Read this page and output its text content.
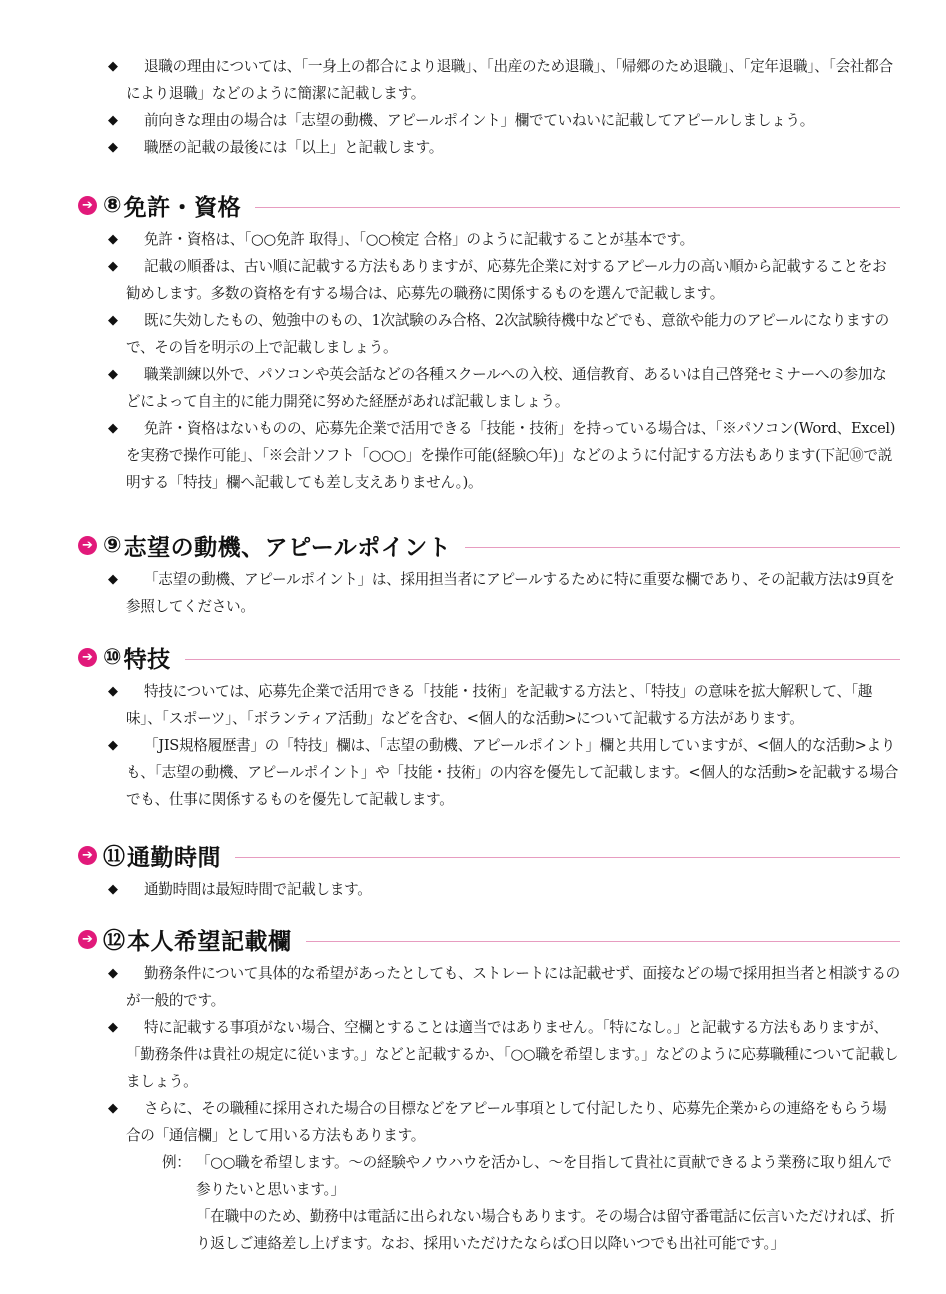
◆	退職の理由については、「一身上の都合により退職」、「出産のため退職」、「帰郷のため退職」、「定年退職」、「会社都合により退職」などのように簡潔に記載します。
◆	前向きな理由の場合は「志望の動機、アピールポイント」欄でていねいに記載してアピールしましょう。
◆	職歴の記載の最後には「以上」と記載します。
➔ ⑧ 免許・資格
◆	免許・資格は、「○○免許 取得」、「○○検定 合格」のように記載することが基本です。
◆	記載の順番は、古い順に記載する方法もありますが、応募先企業に対するアピール力の高い順から記載することをお勧めします。多数の資格を有する場合は、応募先の職務に関係するものを選んで記載します。
◆	既に失効したもの、勉強中のもの、1次試験のみ合格、2次試験待機中などでも、意欲や能力のアピールになりますので、その旨を明示の上で記載しましょう。
◆	職業訓練以外で、パソコンや英会話などの各種スクールへの入校、通信教育、あるいは自己啓発セミナーへの参加などによって自主的に能力開発に努めた経歴があれば記載しましょう。
◆	免許・資格はないものの、応募先企業で活用できる「技能・技術」を持っている場合は、「※パソコン(Word、Excel)を実務で操作可能」、「※会計ソフト「○○○」を操作可能(経験○年)」などのように付記する方法もあります(下記⑩で説明する「特技」欄へ記載しても差し支えありません。)。
➔ ⑨ 志望の動機、アピールポイント
◆	「志望の動機、アピールポイント」は、採用担当者にアピールするために特に重要な欄であり、その記載方法は9頁を参照してください。
➔ ⑩ 特技
◆	特技については、応募先企業で活用できる「技能・技術」を記載する方法と、「特技」の意味を拡大解釈して、「趣味」、「スポーツ」、「ボランティア活動」などを含む、<個人的な活動>について記載する方法があります。
◆	「JIS規格履歴書」の「特技」欄は、「志望の動機、アピールポイント」欄と共用していますが、<個人的な活動>よりも、「志望の動機、アピールポイント」や「技能・技術」の内容を優先して記載します。<個人的な活動>を記載する場合でも、仕事に関係するものを優先して記載します。
➔ ⑪ 通勤時間
◆	通勤時間は最短時間で記載します。
➔ ⑫ 本人希望記載欄
◆	勤務条件について具体的な希望があったとしても、ストレートには記載せず、面接などの場で採用担当者と相談するのが一般的です。
◆	特に記載する事項がない場合、空欄とすることは適当ではありません。「特になし。」と記載する方法もありますが、「勤務条件は貴社の規定に従います。」などと記載するか、「○○職を希望します。」などのように応募職種について記載しましょう。
◆	さらに、その職種に採用された場合の目標などをアピール事項として付記したり、応募先企業からの連絡をもらう場合の「通信欄」として用いる方法もあります。
例： 「○○職を希望します。〜の経験やノウハウを活かし、〜を目指して貴社に貢献できるよう業務に取り組んで参りたいと思います。」
「在職中のため、勤務中は電話に出られない場合もあります。その場合は留守番電話に伝言いただければ、折り返しご連絡差し上げます。なお、採用いただけたならば○日以降いつでも出社可能です。」
